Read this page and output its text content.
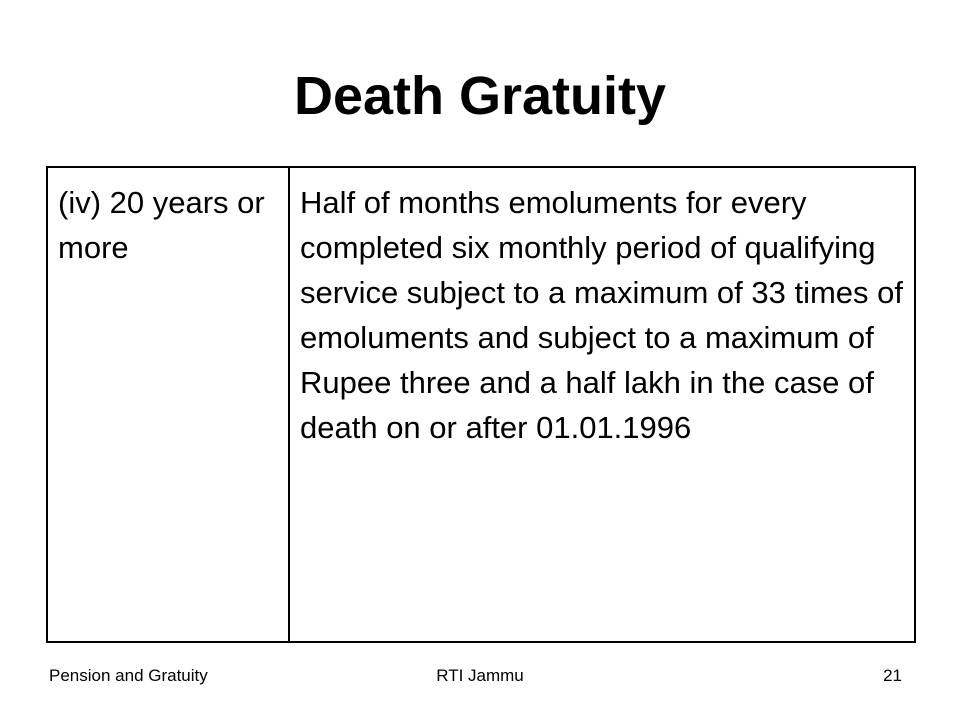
Death Gratuity
(iv) 20 years or more	Half of months emoluments for every completed six monthly period of qualifying service subject to a maximum of 33 times of emoluments and subject to a maximum of Rupee three and a half lakh in the case of death on or after 01.01.1996
RTI Jammu
Pension and Gratuity	21
